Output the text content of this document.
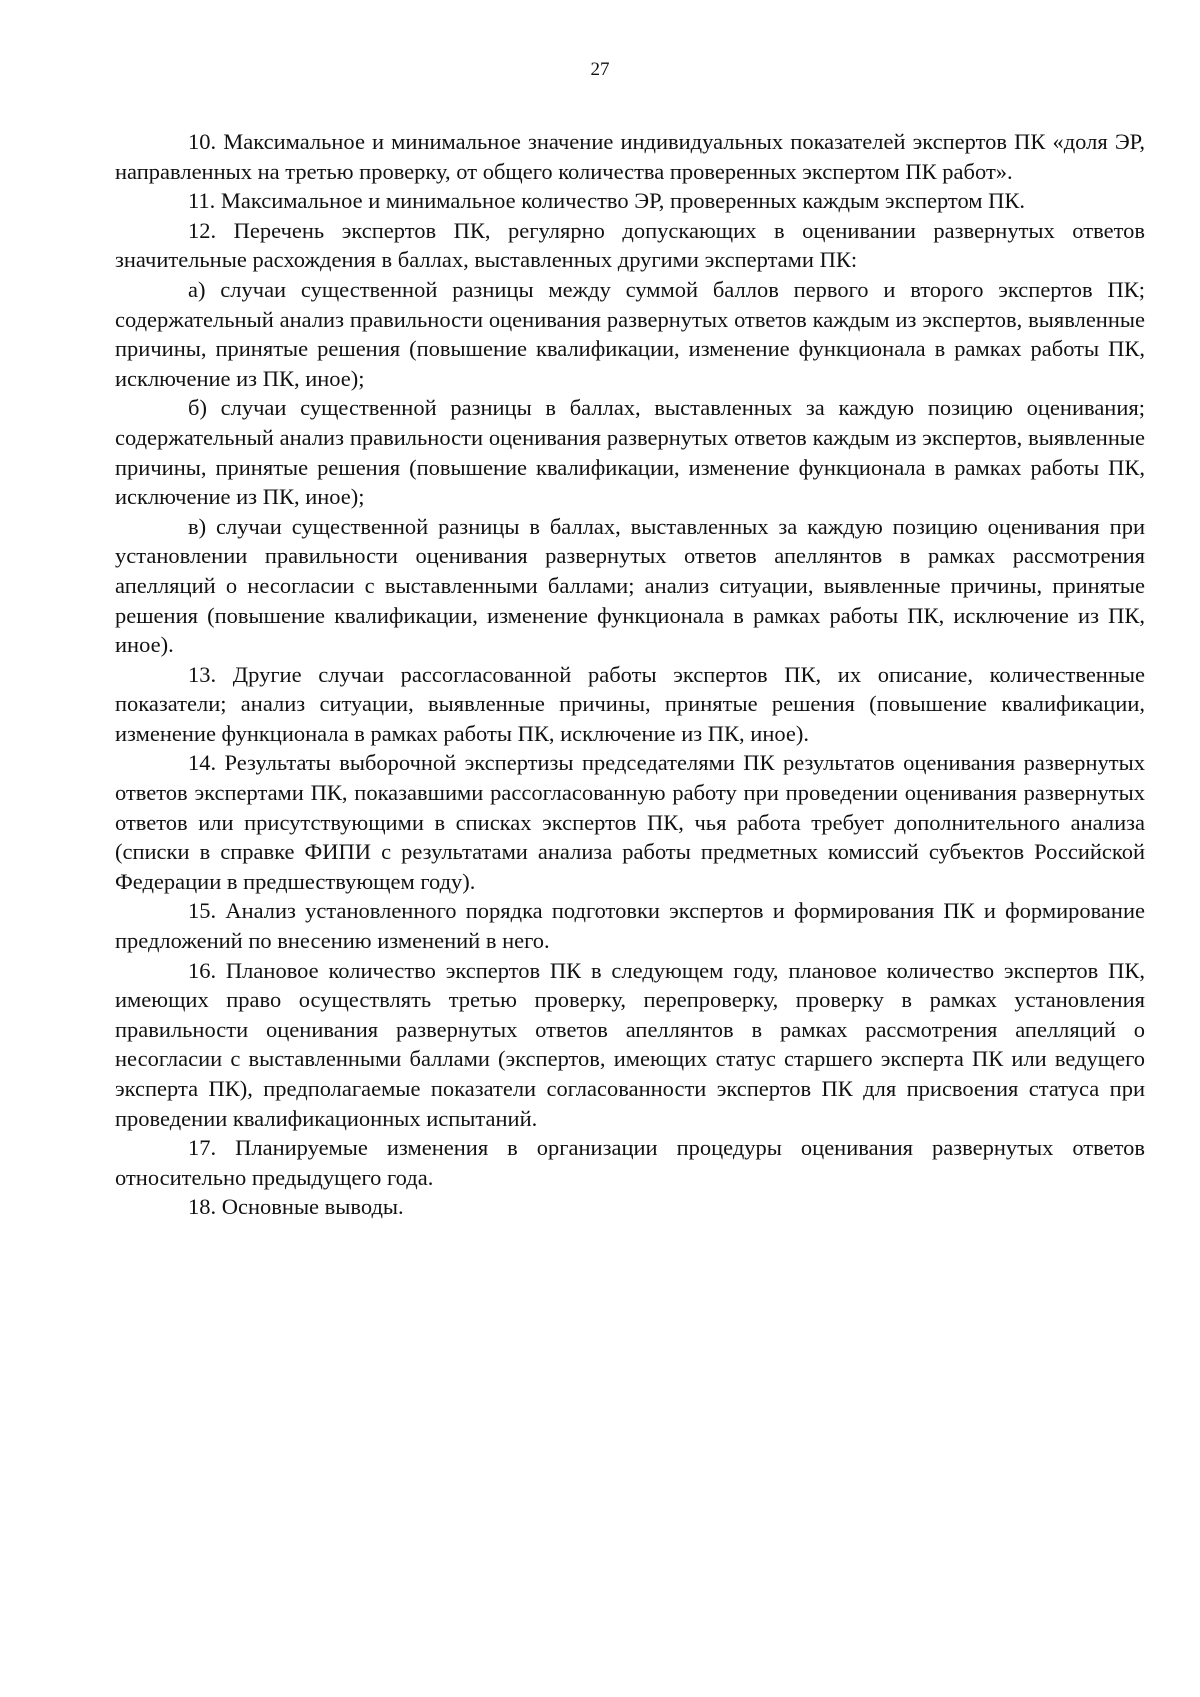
27

10. Максимальное и минимальное значение индивидуальных показателей экспертов ПК «доля ЭР, направленных на третью проверку, от общего количества проверенных экспертом ПК работ».

11. Максимальное и минимальное количество ЭР, проверенных каждым экспертом ПК.

12. Перечень экспертов ПК, регулярно допускающих в оценивании развернутых ответов значительные расхождения в баллах, выставленных другими экспертами ПК:

а) случаи существенной разницы между суммой баллов первого и второго экспертов ПК; содержательный анализ правильности оценивания развернутых ответов каждым из экспертов, выявленные причины, принятые решения (повышение квалификации, изменение функционала в рамках работы ПК, исключение из ПК, иное);

б) случаи существенной разницы в баллах, выставленных за каждую позицию оценивания; содержательный анализ правильности оценивания развернутых ответов каждым из экспертов, выявленные причины, принятые решения (повышение квалификации, изменение функционала в рамках работы ПК, исключение из ПК, иное);

в) случаи существенной разницы в баллах, выставленных за каждую позицию оценивания при установлении правильности оценивания развернутых ответов апеллянтов в рамках рассмотрения апелляций о несогласии с выставленными баллами; анализ ситуации, выявленные причины, принятые решения (повышение квалификации, изменение функционала в рамках работы ПК, исключение из ПК, иное).

13. Другие случаи рассогласованной работы экспертов ПК, их описание, количественные показатели; анализ ситуации, выявленные причины, принятые решения (повышение квалификации, изменение функционала в рамках работы ПК, исключение из ПК, иное).

14. Результаты выборочной экспертизы председателями ПК результатов оценивания развернутых ответов экспертами ПК, показавшими рассогласованную работу при проведении оценивания развернутых ответов или присутствующими в списках экспертов ПК, чья работа требует дополнительного анализа (списки в справке ФИПИ с результатами анализа работы предметных комиссий субъектов Российской Федерации в предшествующем году).

15. Анализ установленного порядка подготовки экспертов и формирования ПК и формирование предложений по внесению изменений в него.

16. Плановое количество экспертов ПК в следующем году, плановое количество экспертов ПК, имеющих право осуществлять третью проверку, перепроверку, проверку в рамках установления правильности оценивания развернутых ответов апеллянтов в рамках рассмотрения апелляций о несогласии с выставленными баллами (экспертов, имеющих статус старшего эксперта ПК или ведущего эксперта ПК), предполагаемые показатели согласованности экспертов ПК для присвоения статуса при проведении квалификационных испытаний.

17. Планируемые изменения в организации процедуры оценивания развернутых ответов относительно предыдущего года.

18. Основные выводы.
